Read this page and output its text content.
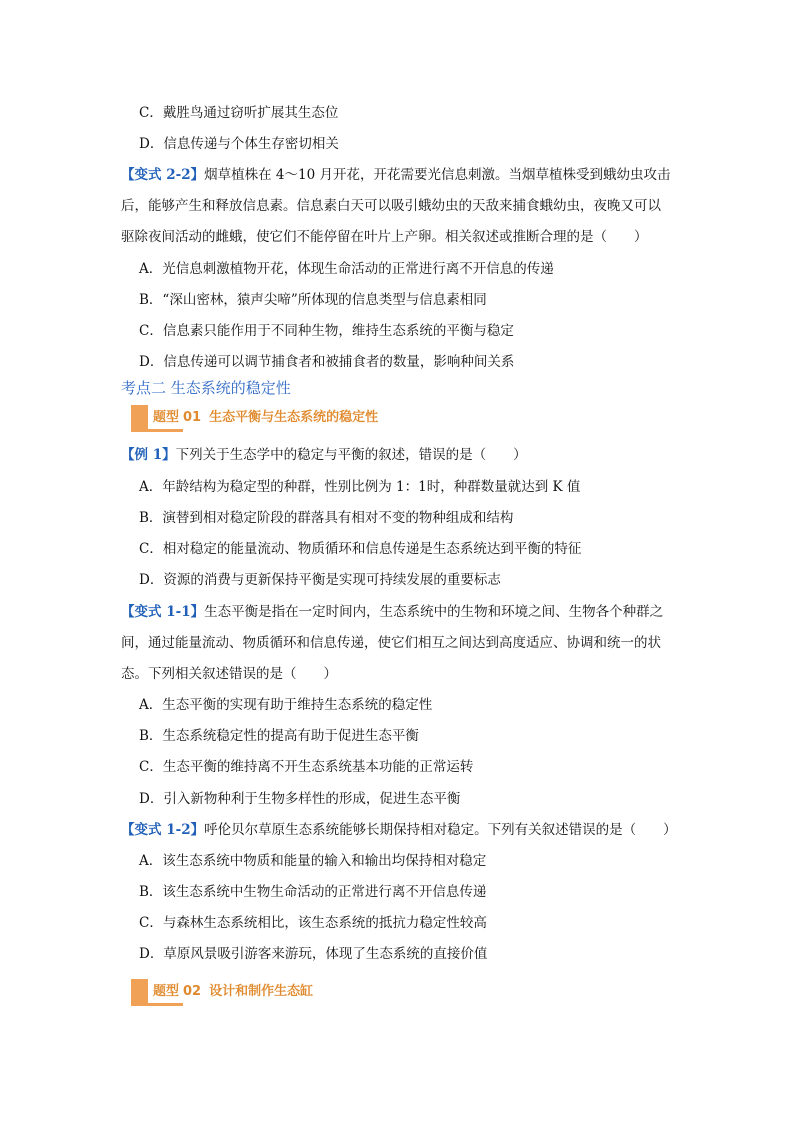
C．戴胜鸟通过窃听扩展其生态位
D．信息传递与个体生存密切相关
【变式 2-2】烟草植株在 4～10 月开花，开花需要光信息刺激。当烟草植株受到蛾幼虫攻击
后，能够产生和释放信息素。信息素白天可以吸引蛾幼虫的天敌来捕食蛾幼虫，夜晚又可以
驱除夜间活动的雌蛾，使它们不能停留在叶片上产卵。相关叙述或推断合理的是（　　）
A．光信息刺激植物开花，体现生命活动的正常进行离不开信息的传递
B．“深山密林，猿声尖啼”所体现的信息类型与信息素相同
C．信息素只能作用于不同种生物，维持生态系统的平衡与稳定
D．信息传递可以调节捕食者和被捕食者的数量，影响种间关系
考点二 生态系统的稳定性
题型 01 生态平衡与生态系统的稳定性
【例 1】下列关于生态学中的稳定与平衡的叙述，错误的是（　　）
A．年龄结构为稳定型的种群，性别比例为 1：1时，种群数量就达到 K 值
B．演替到相对稳定阶段的群落具有相对不变的物种组成和结构
C．相对稳定的能量流动、物质循环和信息传递是生态系统达到平衡的特征
D．资源的消费与更新保持平衡是实现可持续发展的重要标志
【变式 1-1】生态平衡是指在一定时间内，生态系统中的生物和环境之间、生物各个种群之
间，通过能量流动、物质循环和信息传递，使它们相互之间达到高度适应、协调和统一的状
态。下列相关叙述错误的是（　　）
A．生态平衡的实现有助于维持生态系统的稳定性
B．生态系统稳定性的提高有助于促进生态平衡
C．生态平衡的维持离不开生态系统基本功能的正常运转
D．引入新物种利于生物多样性的形成，促进生态平衡
【变式 1-2】呼伦贝尔草原生态系统能够长期保持相对稳定。下列有关叙述错误的是（　　）
A．该生态系统中物质和能量的输入和输出均保持相对稳定
B．该生态系统中生物生命活动的正常进行离不开信息传递
C．与森林生态系统相比，该生态系统的抵抗力稳定性较高
D．草原风景吸引游客来游玩，体现了生态系统的直接价值
题型 02 设计和制作生态缸
